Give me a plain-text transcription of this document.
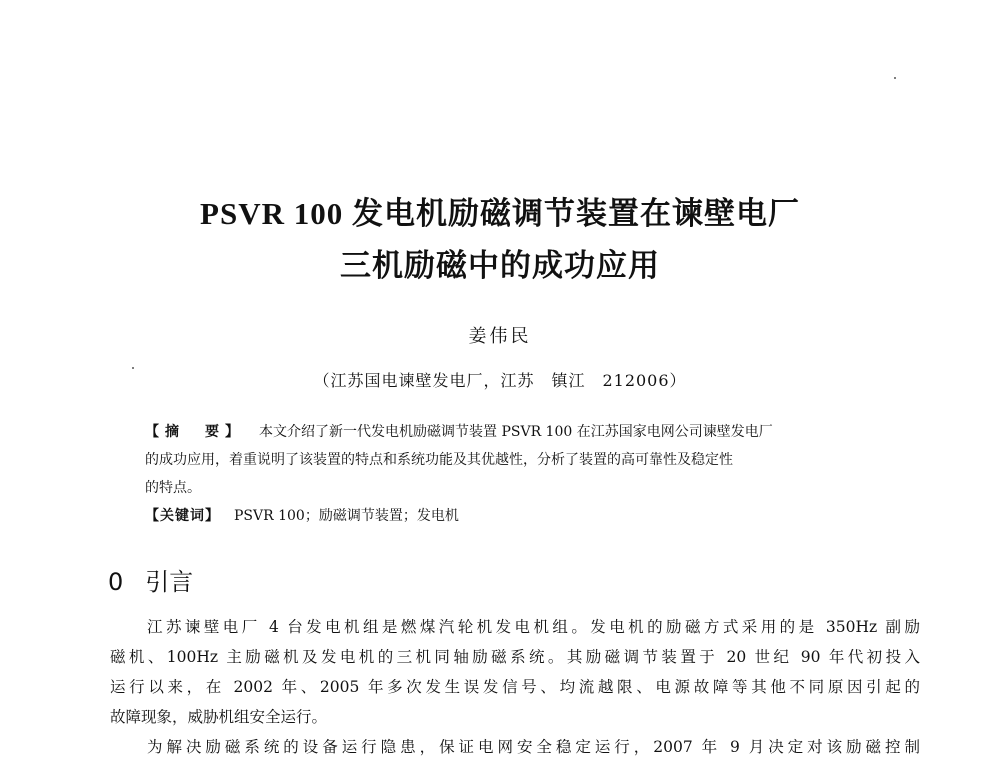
PSVR 100 发电机励磁调节装置在谏壁电厂
三机励磁中的成功应用
姜伟民
（江苏国电谏壁发电厂，江苏　镇江　212006）
【摘　要】 本文介绍了新一代发电机励磁调节装置 PSVR 100 在江苏国家电网公司谏壁发电厂
的成功应用，着重说明了该装置的特点和系统功能及其优越性，分析了装置的高可靠性及稳定性
的特点。
【关键词】 PSVR 100；励磁调节装置；发电机
0 引言
江苏谏壁电厂 4 台发电机组是燃煤汽轮机发电机组。发电机的励磁方式采用的是 350Hz 副励
磁机、100Hz 主励磁机及发电机的三机同轴励磁系统。其励磁调节装置于 20 世纪 90 年代初投入
运行以来，在 2002 年、2005 年多次发生误发信号、均流越限、电源故障等其他不同原因引起的
故障现象，威胁机组安全运行。
为解决励磁系统的设备运行隐患，保证电网安全稳定运行，2007 年 9 月决定对该励磁控制
